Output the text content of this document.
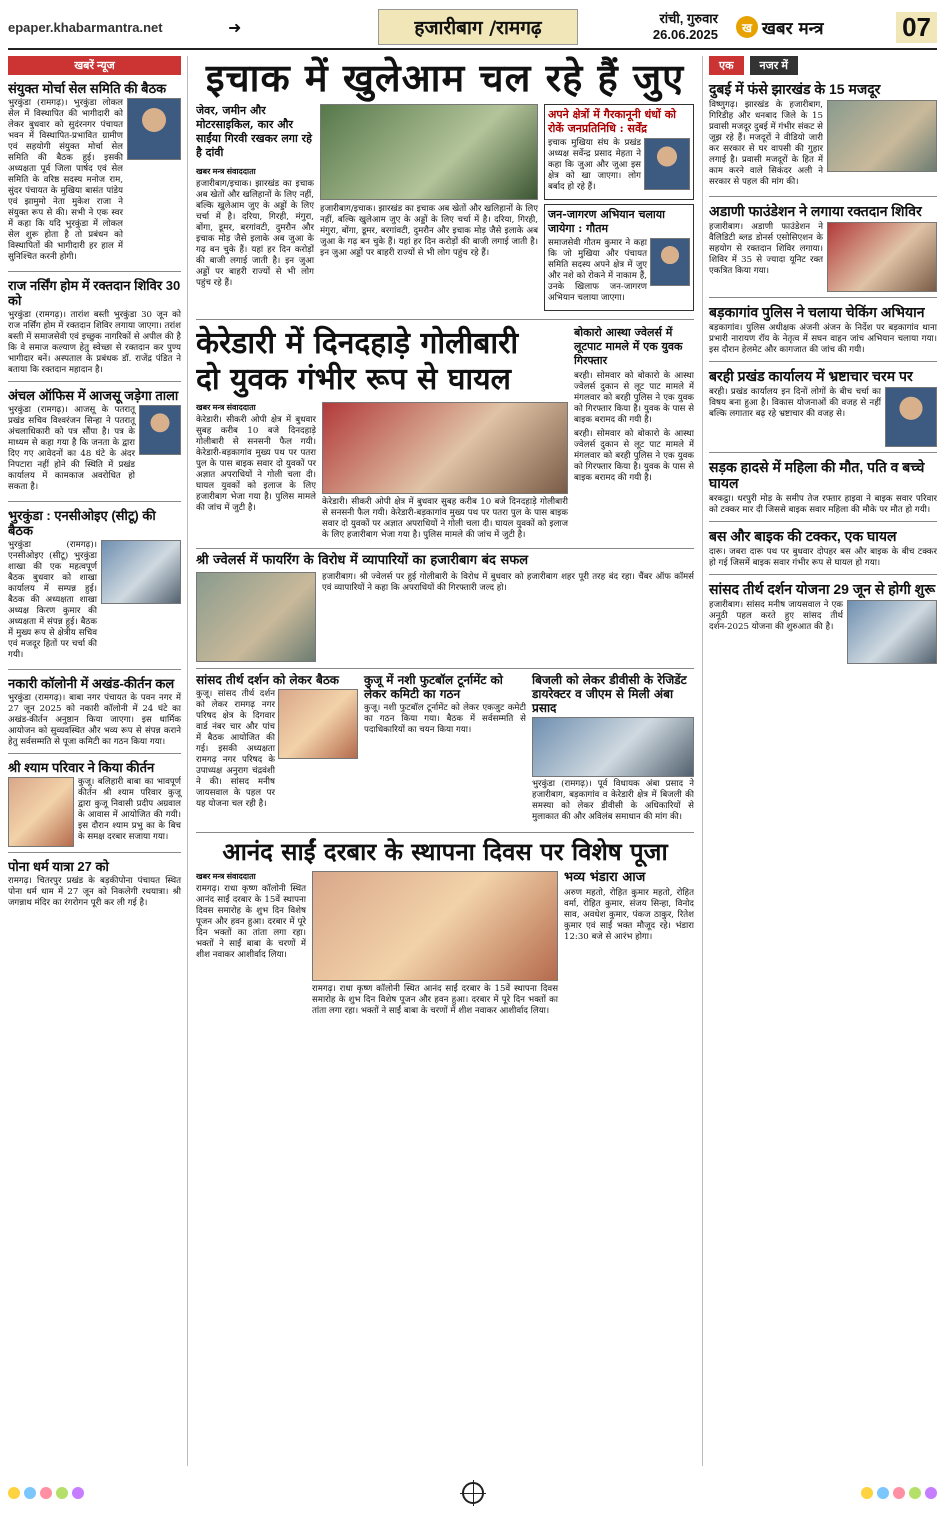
epaper.khabarmantra.net	➜	हजारीबाग /रामगढ़	रांची, गुरुवार
26.06.2025	ख खबर मन्त्र	07
खबरें न्यूज
संयुक्त मोर्चा सेल समिति की बैठक

भुरकुंडा (रामगढ़)। भुरकुंडा लोकल सेल में विस्थापित की भागीदारी को लेकर बुधवार को सुदंरनगर पंचायत भवन में विस्थापित-प्रभावित ग्रामीण एवं सहयोगी संयुक्त मोर्चा सेल समिति की बैठक हुई। इसकी अध्यक्षता पूर्व जिला पार्षद एवं सेल समिति के वरिष्ठ सदस्य मनोज राम, सुंदर पंचायत के मुखिया बासंत पांडेय एवं झामुमो नेता मुकेश राजा ने संयुक्त रूप से की। सभी ने एक स्वर में कहा कि यदि भुरकुंडा में लोकल सेल शुरू होता है तो प्रबंधन को विस्थापितों की भागीदारी हर हाल में सुनिश्चित करनी होगी।

राज नर्सिंग होम में रक्तदान शिविर 30 को

भुरकुंडा (रामगढ़)। तारांश बस्ती भुरकुंडा 30 जून को राज नर्सिंग होम में रक्तदान शिविर लगाया जाएगा। तरांश बस्ती में समाजसेवी एवं इच्छुक नागरिकों से अपील की है कि वे समाज कल्याण हेतु स्वेच्छा से रक्तदान कर पुण्य भागीदार बनें। अस्पताल के प्रबंधक डॉ. राजेंद्र पंडित ने बताया कि रक्तदान महादान है।

अंचल ऑफिस में आजसू जड़ेगा ताला

भुरकुंडा (रामगढ़)। आजसू के पतरातू प्रखंड सचिव विश्वरंजन सिन्हा ने पतरातू अंचलाधिकारी को पत्र सौंपा है। पत्र के माध्यम से कहा गया है कि जनता के द्वारा दिए गए आवेदनों का 48 घंटे के अंदर निपटारा नहीं होने की स्थिति में प्रखंड कार्यालय में कामकाज अवरोधित हो सकता है।

भुरकुंडा : एनसीओइए (सीटू) की बैठक

भुरकुंडा (रामगढ़)। एनसीओइए (सीटू) भुरकुंडा शाखा की एक महत्वपूर्ण बैठक बुधवार को शाखा कार्यालय में सम्पन्न हुई। बैठक की अध्यक्षता शाखा अध्यक्ष किरण कुमार की अध्यक्षता में संपन्न हुई। बैठक में मुख्य रूप से क्षेत्रीय सचिव एवं मजदूर हितों पर चर्चा की गयी।

नकारी कॉलोनी में अखंड-कीर्तन कल

भुरकुंडा (रामगढ़)। बाबा नगर पंचायत के पवन नगर में 27 जून 2025 को नकारी कॉलोनी में 24 घंटे का अखंड-कीर्तन अनुष्ठान किया जाएगा। इस धार्मिक आयोजन को सुव्यवस्थित और भव्य रूप से संपन्न कराने हेतु सर्वसम्मति से पूजा कमिटी का गठन किया गया।

श्री श्याम परिवार ने किया कीर्तन

कुजू। बलिहारी बाबा का भावपूर्ण कीर्तन श्री श्याम परिवार कुजू द्वारा कुजू निवासी प्रदीप अग्रवाल के आवास में आयोजित की गयी। इस दौरान श्याम प्रभु का के बिच के समक्ष दरबार सजाया गया।

पोना धर्म यात्रा 27 को

रामगढ़। चितरपुर प्रखंड के बड़कीपोना पंचायत स्थित पोना धर्म धाम में 27 जून को निकलेगी रथयात्रा। श्री जगन्नाथ मंदिर का रंगरोगन पूरी कर ली गई है।

इचाक में खुलेआम चल रहे हैं जुए
जेवर, जमीन और मोटरसाइकिल, कार और साईंया गिरवी रखकर लगा रहे है दांवी
खबर मन्त्र संवाददाता

हजारीबाग/इचाक। झारखंड का इचाक अब खेतों और खलिहानों के लिए नहीं, बल्कि खुलेआम जुए के अड्डों के लिए चर्चा में है। दरिया, गिरही, मंगुरा, बोंगा, डूमर, बरगांवटी, दुमरौन और इचाक मोड़ जैसे इलाके अब जुआ के गढ़ बन चुके हैं। यहां हर दिन करोड़ों की बाजी लगाई जाती है। इन जुआ अड्डों पर बाहरी राज्यों से भी लोग पहुंच रहे हैं।

हजारीबाग/इचाक। झारखंड का इचाक अब खेतों और खलिहानों के लिए नहीं, बल्कि खुलेआम जुए के अड्डों के लिए चर्चा में है। दरिया, गिरही, मंगुरा, बोंगा, डूमर, बरगांवटी, दुमरौन और इचाक मोड़ जैसे इलाके अब जुआ के गढ़ बन चुके हैं। यहां हर दिन करोड़ों की बाजी लगाई जाती है। इन जुआ अड्डों पर बाहरी राज्यों से भी लोग पहुंच रहे हैं।

अपने क्षेत्रों में गैरकानूनी धंधों को रोकें जनप्रतिनिधि : सर्वेंद्र

इचाक मुखिया संघ के प्रखंड अध्यक्ष सर्वेन्द्र प्रसाद मेहता ने कहा कि जुआ और जुआ इस क्षेत्र को खा जाएगा। लोग बर्बाद हो रहे हैं।

जन-जागरण अभियान चलाया जायेगा : गौतम

समाजसेवी गौतम कुमार ने कहा कि जो मुखिया और पंचायत समिति सदस्य अपने क्षेत्र में जुए और नशे को रोकने में नाकाम हैं, उनके खिलाफ जन-जागरण अभियान चलाया जाएगा।

केरेडारी में दिनदहाड़े गोलीबारी
दो युवक गंभीर रूप से घायल
खबर मन्त्र संवाददाता

केरेडारी। सीकरी ओपी क्षेत्र में बुधवार सुबह करीब 10 बजे दिनदहाड़े गोलीबारी से सनसनी फैल गयी। केरेडारी-बड़कागांव मुख्य पथ पर पतरा पुल के पास बाइक सवार दो युवकों पर अज्ञात अपराधियों ने गोली चला दी। घायल युवकों को इलाज के लिए हजारीबाग भेजा गया है। पुलिस मामले की जांच में जुटी है।

केरेडारी। सीकरी ओपी क्षेत्र में बुधवार सुबह करीब 10 बजे दिनदहाड़े गोलीबारी से सनसनी फैल गयी। केरेडारी-बड़कागांव मुख्य पथ पर पतरा पुल के पास बाइक सवार दो युवकों पर अज्ञात अपराधियों ने गोली चला दी। घायल युवकों को इलाज के लिए हजारीबाग भेजा गया है। पुलिस मामले की जांच में जुटी है।

बोकारो आस्था ज्वेलर्स में लूटपाट मामले में एक युवक गिरफ्तार

बरही। सोमवार को बोकारो के आस्था ज्वेलर्स दुकान से लूट पाट मामले में मंगलवार को बरही पुलिस ने एक युवक को गिरफ्तार किया है। युवक के पास से बाइक बरामद की गयी है।

बरही। सोमवार को बोकारो के आस्था ज्वेलर्स दुकान से लूट पाट मामले में मंगलवार को बरही पुलिस ने एक युवक को गिरफ्तार किया है। युवक के पास से बाइक बरामद की गयी है।

श्री ज्वेलर्स में फायरिंग के विरोध में व्यापारियों का हजारीबाग बंद सफल

हजारीबाग। श्री ज्वेलर्स पर हुई गोलीबारी के विरोध में बुधवार को हजारीबाग शहर पूरी तरह बंद रहा। चैंबर ऑफ कॉमर्स एवं व्यापारियों ने कहा कि अपराधियों की गिरफ्तारी जल्द हो।

सांसद तीर्थ दर्शन को लेकर बैठक

कुजू। सांसद तीर्थ दर्शन को लेकर रामगढ़ नगर परिषद क्षेत्र के दिगवार वार्ड नंबर चार और पांच में बैठक आयोजित की गई। इसकी अध्यक्षता रामगढ़ नगर परिषद के उपाध्यक्ष अनुराग चंद्रवंशी ने की। सांसद मनीष जायसवाल के पहल पर यह योजना चल रही है।

कुजू में नशी फुटबॉल टूर्नामेंट को लेकर कमिटी का गठन

कुजू। नशी फुटबॉल टूर्नामेंट को लेकर एकजुट कमेटी का गठन किया गया। बैठक में सर्वसम्मति से पदाधिकारियों का चयन किया गया।

बिजली को लेकर डीवीसी के रेजिडेंट डायरेक्टर व जीएम से मिली अंबा प्रसाद

भुरकुंडा (रामगढ़)। पूर्व विधायक अंबा प्रसाद ने हजारीबाग, बड़कागांव व केरेडारी क्षेत्र में बिजली की समस्या को लेकर डीवीसी के अधिकारियों से मुलाकात की और अविलंब समाधान की मांग की।

आनंद साईं दरबार के स्थापना दिवस पर विशेष पूजा
खबर मन्त्र संवाददाता

रामगढ़। राधा कृष्ण कॉलोनी स्थित आनंद साईं दरबार के 15वें स्थापना दिवस समारोह के शुभ दिन विशेष पूजन और हवन हुआ। दरबार में पूरे दिन भक्तों का तांता लगा रहा। भक्तों ने साईं बाबा के चरणों में शीश नवाकर आशीर्वाद लिया।

रामगढ़। राधा कृष्ण कॉलोनी स्थित आनंद साईं दरबार के 15वें स्थापना दिवस समारोह के शुभ दिन विशेष पूजन और हवन हुआ। दरबार में पूरे दिन भक्तों का तांता लगा रहा। भक्तों ने साईं बाबा के चरणों में शीश नवाकर आशीर्वाद लिया।

भव्य भंडारा आज

अरुण महतो, रोहित कुमार महतो, रोहित वर्मा, रोहित कुमार, संजय सिन्हा, विनोद साव, अवधेश कुमार, पंकज ठाकुर, रितेश कुमार एवं साईं भक्त मौजूद रहे। भंडारा 12:30 बजे से आरंभ होगा।

एक	नजर में
दुबई में फंसे झारखंड के 15 मजदूर

विष्णुगढ़। झारखंड के हजारीबाग, गिरिडीह और धनबाद जिले के 15 प्रवासी मजदूर दुबई में गंभीर संकट से जूझ रहे हैं। मजदूरों ने वीडियो जारी कर सरकार से घर वापसी की गुहार लगाई है। प्रवासी मजदूरों के हित में काम करने वाले सिकंदर अली ने सरकार से पहल की मांग की।

अडाणी फाउंडेशन ने लगाया रक्तदान शिविर

हजारीबाग। अडाणी फाउंडेशन ने वैलिडिटी ब्लड डोनर्स एसोसिएशन के सहयोग से रक्तदान शिविर लगाया। शिविर में 35 से ज्यादा यूनिट रक्त एकत्रित किया गया।

बड़कागांव पुलिस ने चलाया चेकिंग अभियान

बड़कागांव। पुलिस अधीक्षक अंजनी अंजन के निर्देश पर बड़कागांव थाना प्रभारी नारायण रॉय के नेतृत्व में सघन वाहन जांच अभियान चलाया गया। इस दौरान हेलमेट और कागजात की जांच की गयी।

बरही प्रखंड कार्यालय में भ्रष्टाचार चरम पर

बरही। प्रखंड कार्यालय इन दिनों लोगों के बीच चर्चा का विषय बना हुआ है। विकास योजनाओं की वजह से नहीं बल्कि लगातार बढ़ रहे भ्रष्टाचार की वजह से।

सड़क हादसे में महिला की मौत, पति व बच्चे घायल

बरकट्ठा। धरपुरी मोड़ के समीप तेज रफ्तार हाइवा ने बाइक सवार परिवार को टक्कर मार दी जिससे बाइक सवार महिला की मौके पर मौत हो गयी।

बस और बाइक की टक्कर, एक घायल

दारू। जबरा दारू पथ पर बुधवार दोपहर बस और बाइक के बीच टक्कर हो गई जिसमें बाइक सवार गंभीर रूप से घायल हो गया।

सांसद तीर्थ दर्शन योजना 29 जून से होगी शुरू

हजारीबाग। सांसद मनीष जायसवाल ने एक अनूठी पहल करते हुए सांसद तीर्थ दर्शन-2025 योजना की शुरुआत की है।
